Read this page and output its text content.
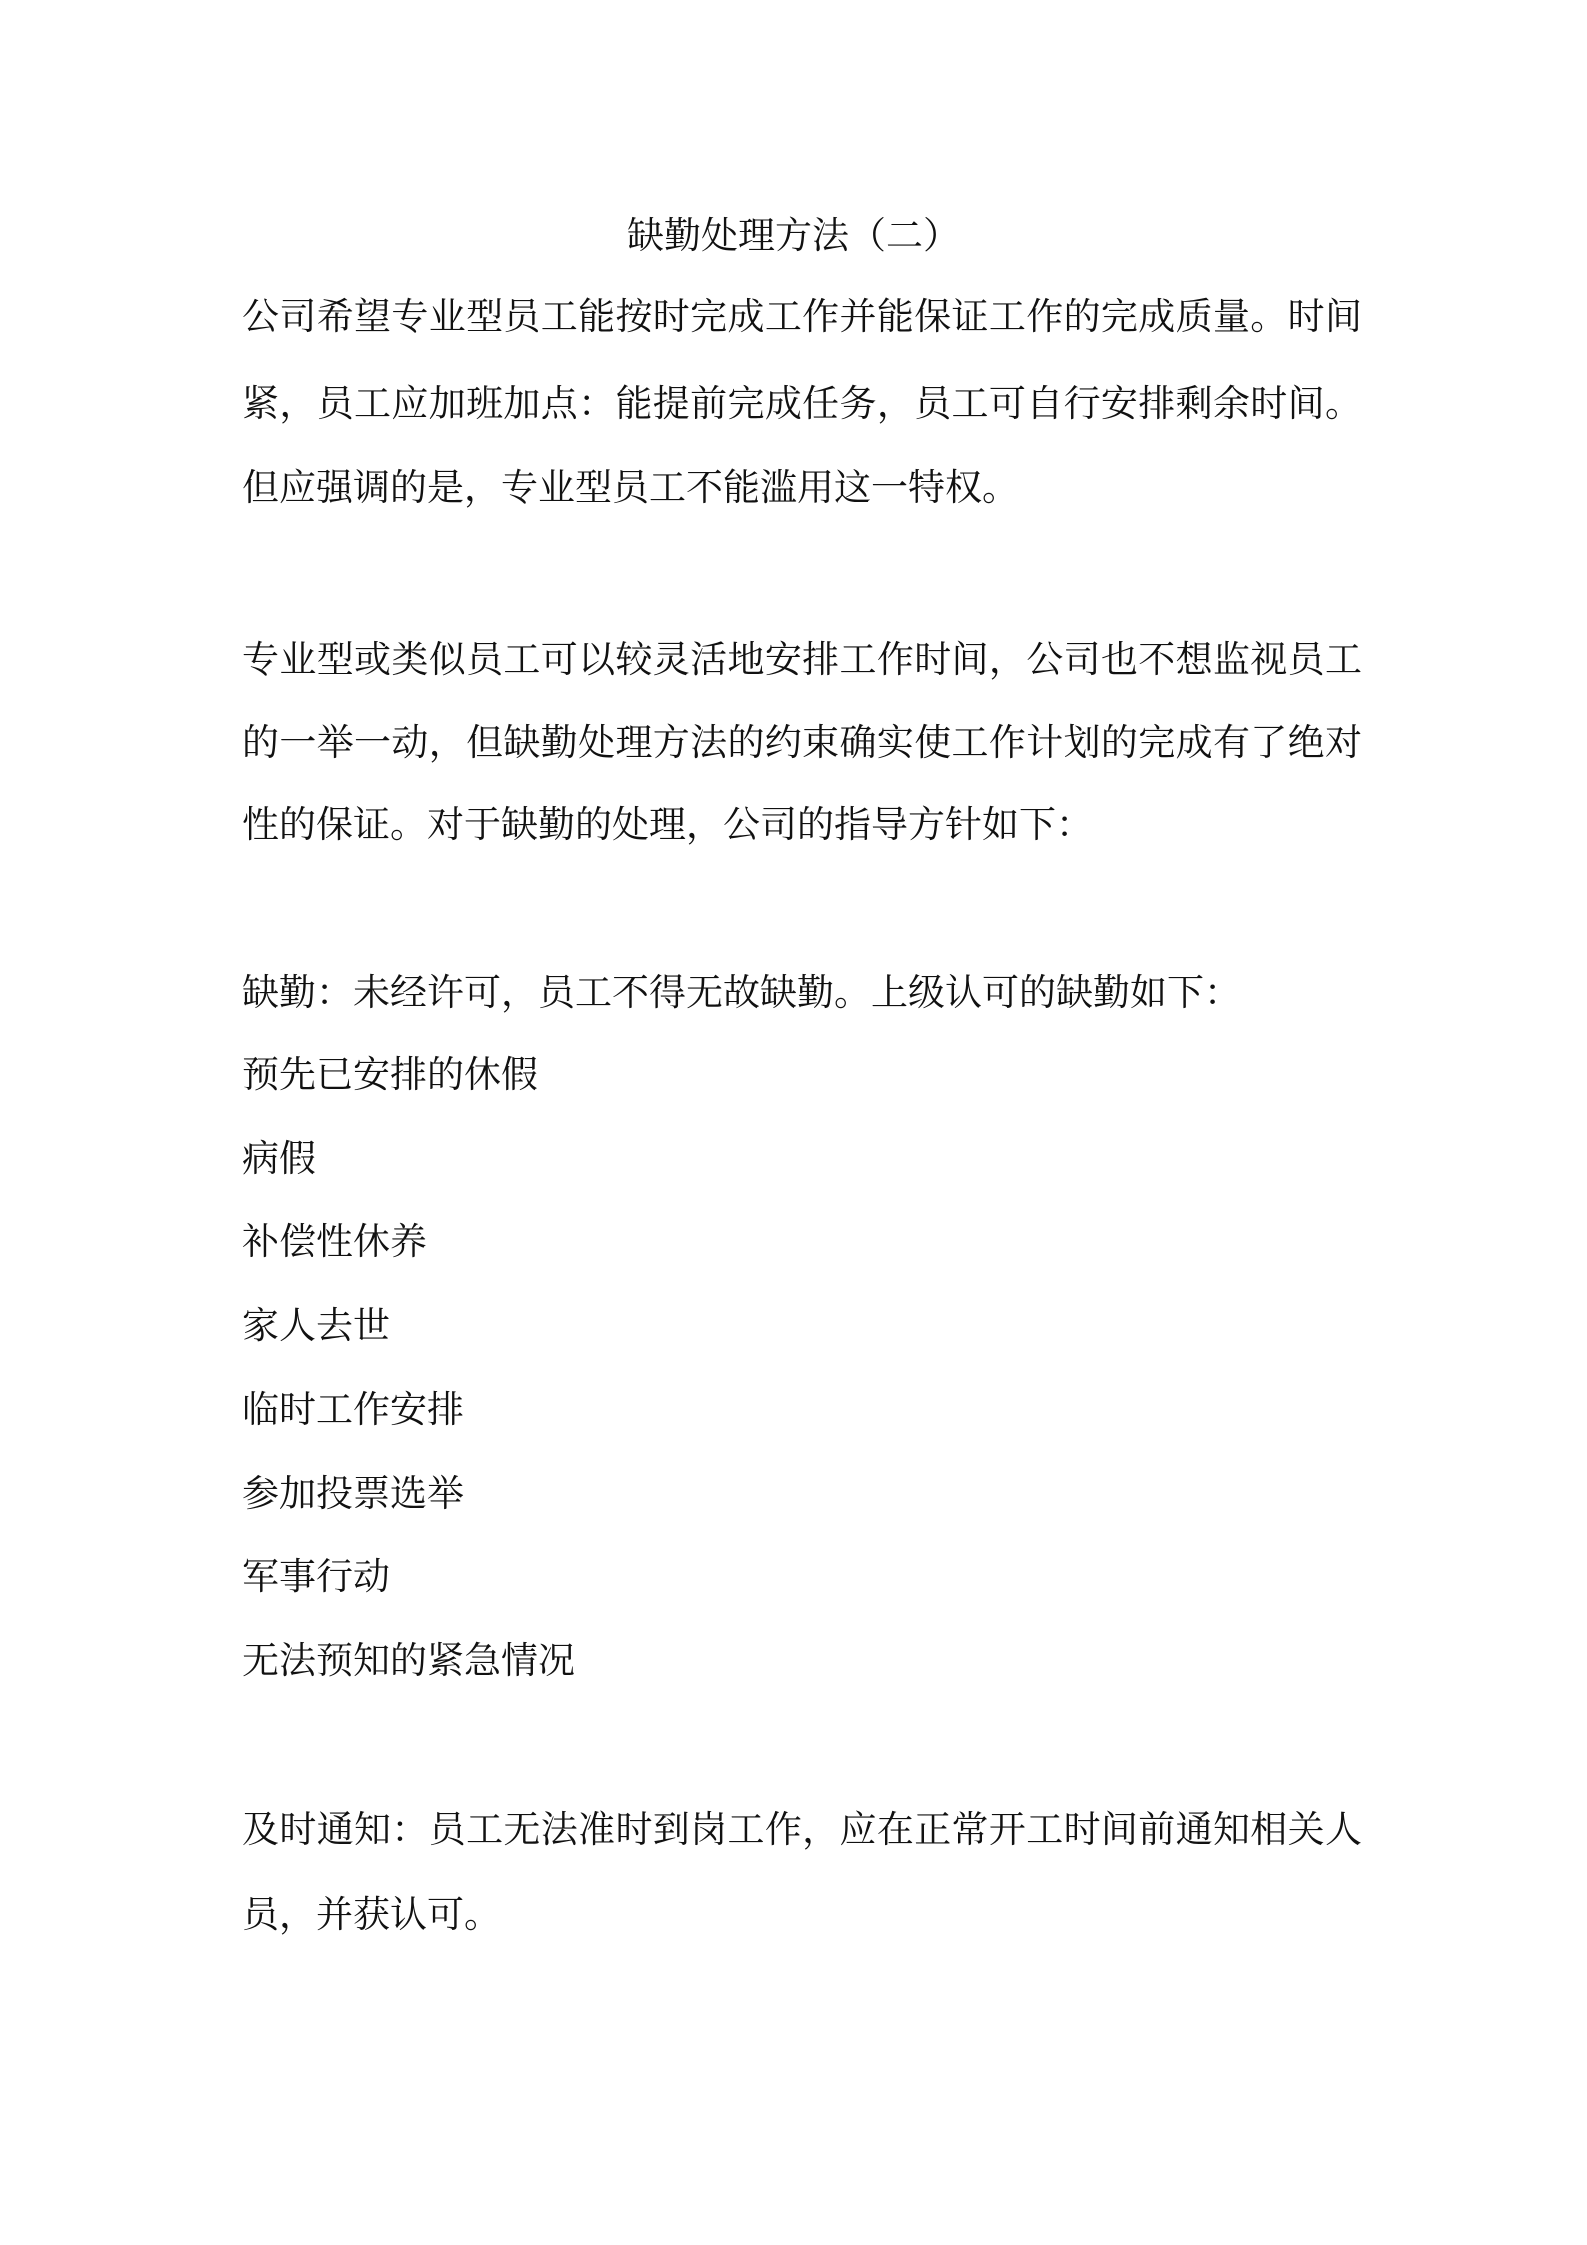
缺勤处理方法（二）
公司希望专业型员工能按时完成工作并能保证工作的完成质量。时间
紧，员工应加班加点：能提前完成任务，员工可自行安排剩余时间。
但应强调的是，专业型员工不能滥用这一特权。
专业型或类似员工可以较灵活地安排工作时间，公司也不想监视员工
的一举一动，但缺勤处理方法的约束确实使工作计划的完成有了绝对
性的保证。对于缺勤的处理，公司的指导方针如下：
缺勤：未经许可，员工不得无故缺勤。上级认可的缺勤如下：
预先已安排的休假
病假
补偿性休养
家人去世
临时工作安排
参加投票选举
军事行动
无法预知的紧急情况
及时通知：员工无法准时到岗工作，应在正常开工时间前通知相关人
员，并获认可。
